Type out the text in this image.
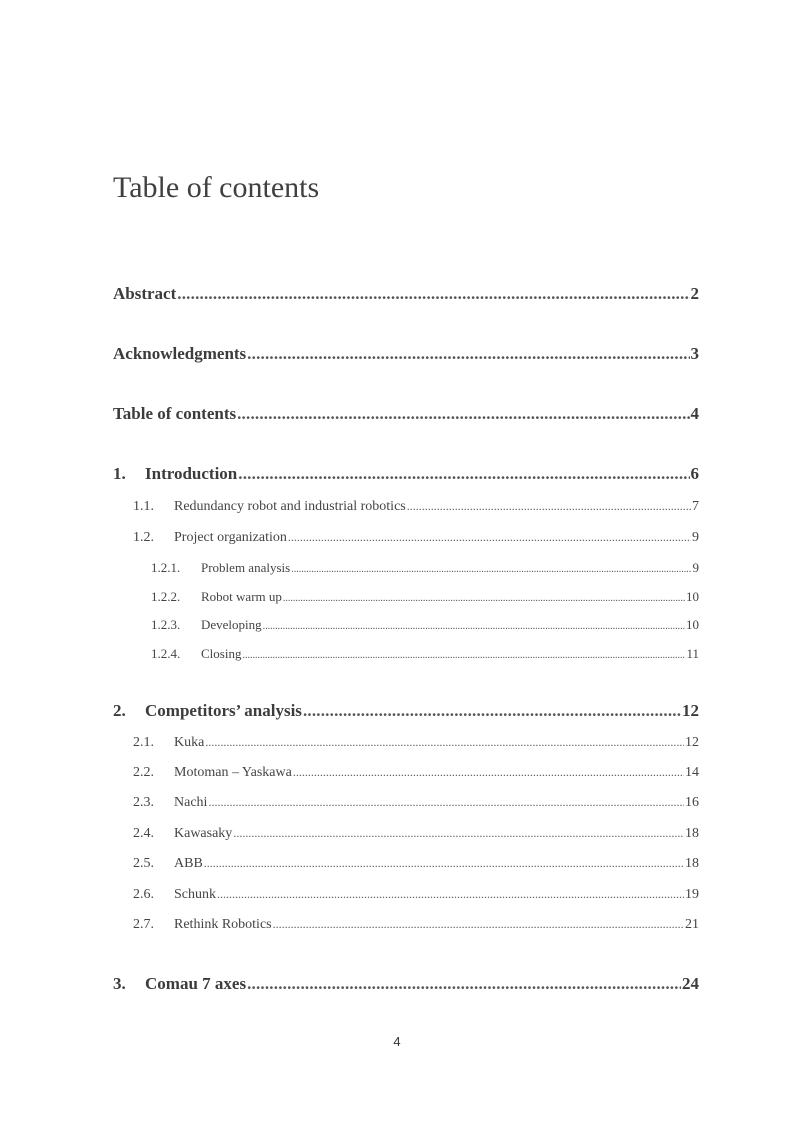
Table of contents
Abstract .....	2
Acknowledgments .....	3
Table of contents .....	4
1.	Introduction .....	6
1.1.	Redundancy robot and industrial robotics .....	7
1.2.	Project organization .....	9
1.2.1.	Problem analysis .....	9
1.2.2.	Robot warm up .....	10
1.2.3.	Developing .....	10
1.2.4.	Closing .....	11
2.	Competitors’ analysis .....	12
2.1.	Kuka .....	12
2.2.	Motoman – Yaskawa .....	14
2.3.	Nachi .....	16
2.4.	Kawasaky .....	18
2.5.	ABB .....	18
2.6.	Schunk .....	19
2.7.	Rethink Robotics .....	21
3.	Comau 7 axes .....	24
4
